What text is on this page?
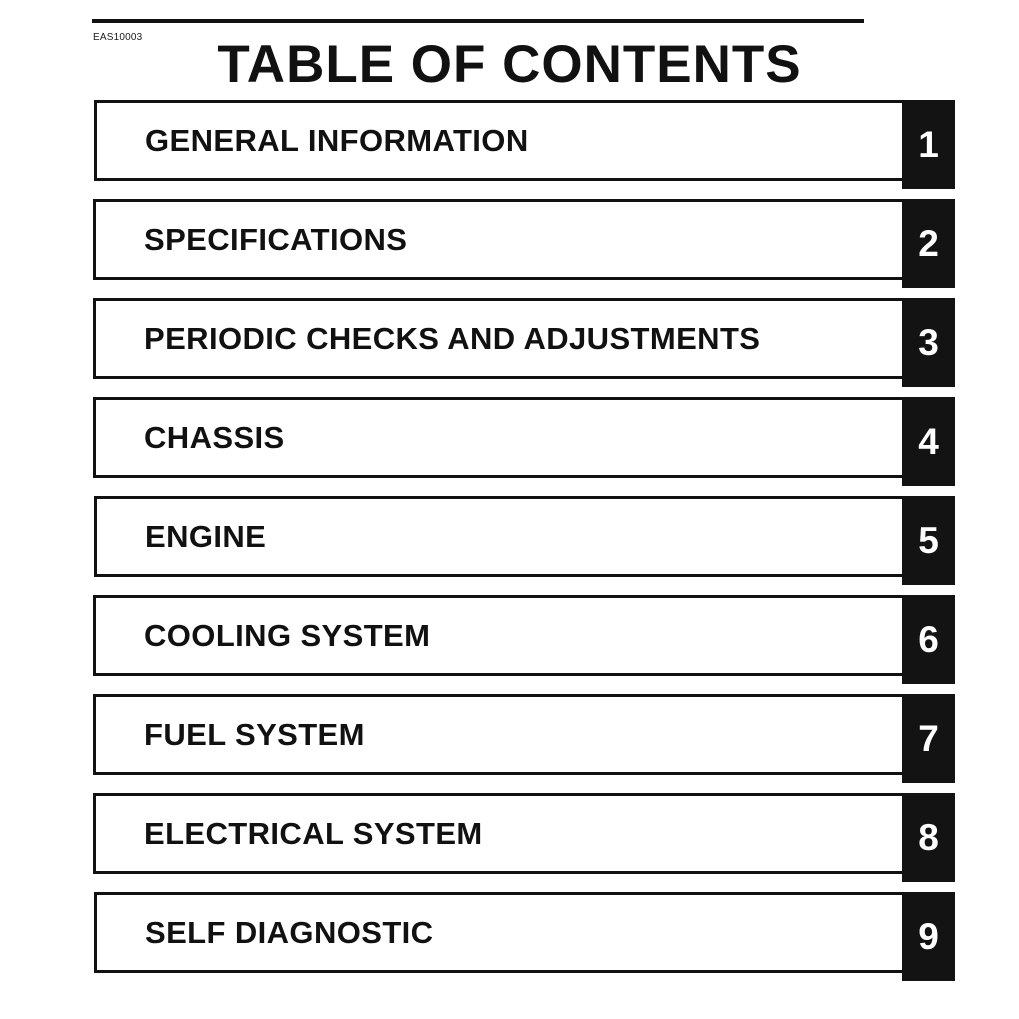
EAS10003	TABLE OF CONTENTS
GENERAL INFORMATION	1
SPECIFICATIONS	2
PERIODIC CHECKS AND ADJUSTMENTS	3
CHASSIS	4
ENGINE	5
COOLING SYSTEM	6
FUEL SYSTEM	7
ELECTRICAL SYSTEM	8
SELF DIAGNOSTIC	9
